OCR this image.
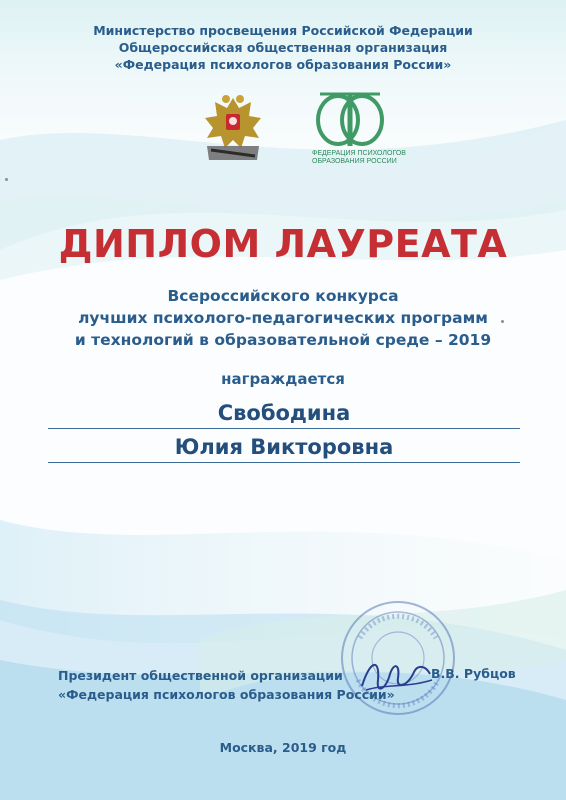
Министерство просвещения Российской Федерации
Общероссийская общественная организация
«Федерация психологов образования России»
ФЕДЕРАЦИЯ ПСИХОЛОГОВ
ОБРАЗОВАНИЯ РОССИИ
ДИПЛОМ ЛАУРЕАТА
Всероссийского конкурса
лучших психолого-педагогических программ
и технологий в образовательной среде – 2019
награждается
Свободина
Юлия Викторовна
Президент общественной организации
«Федерация психологов образования России»
В.В. Рубцов
Москва, 2019 год
